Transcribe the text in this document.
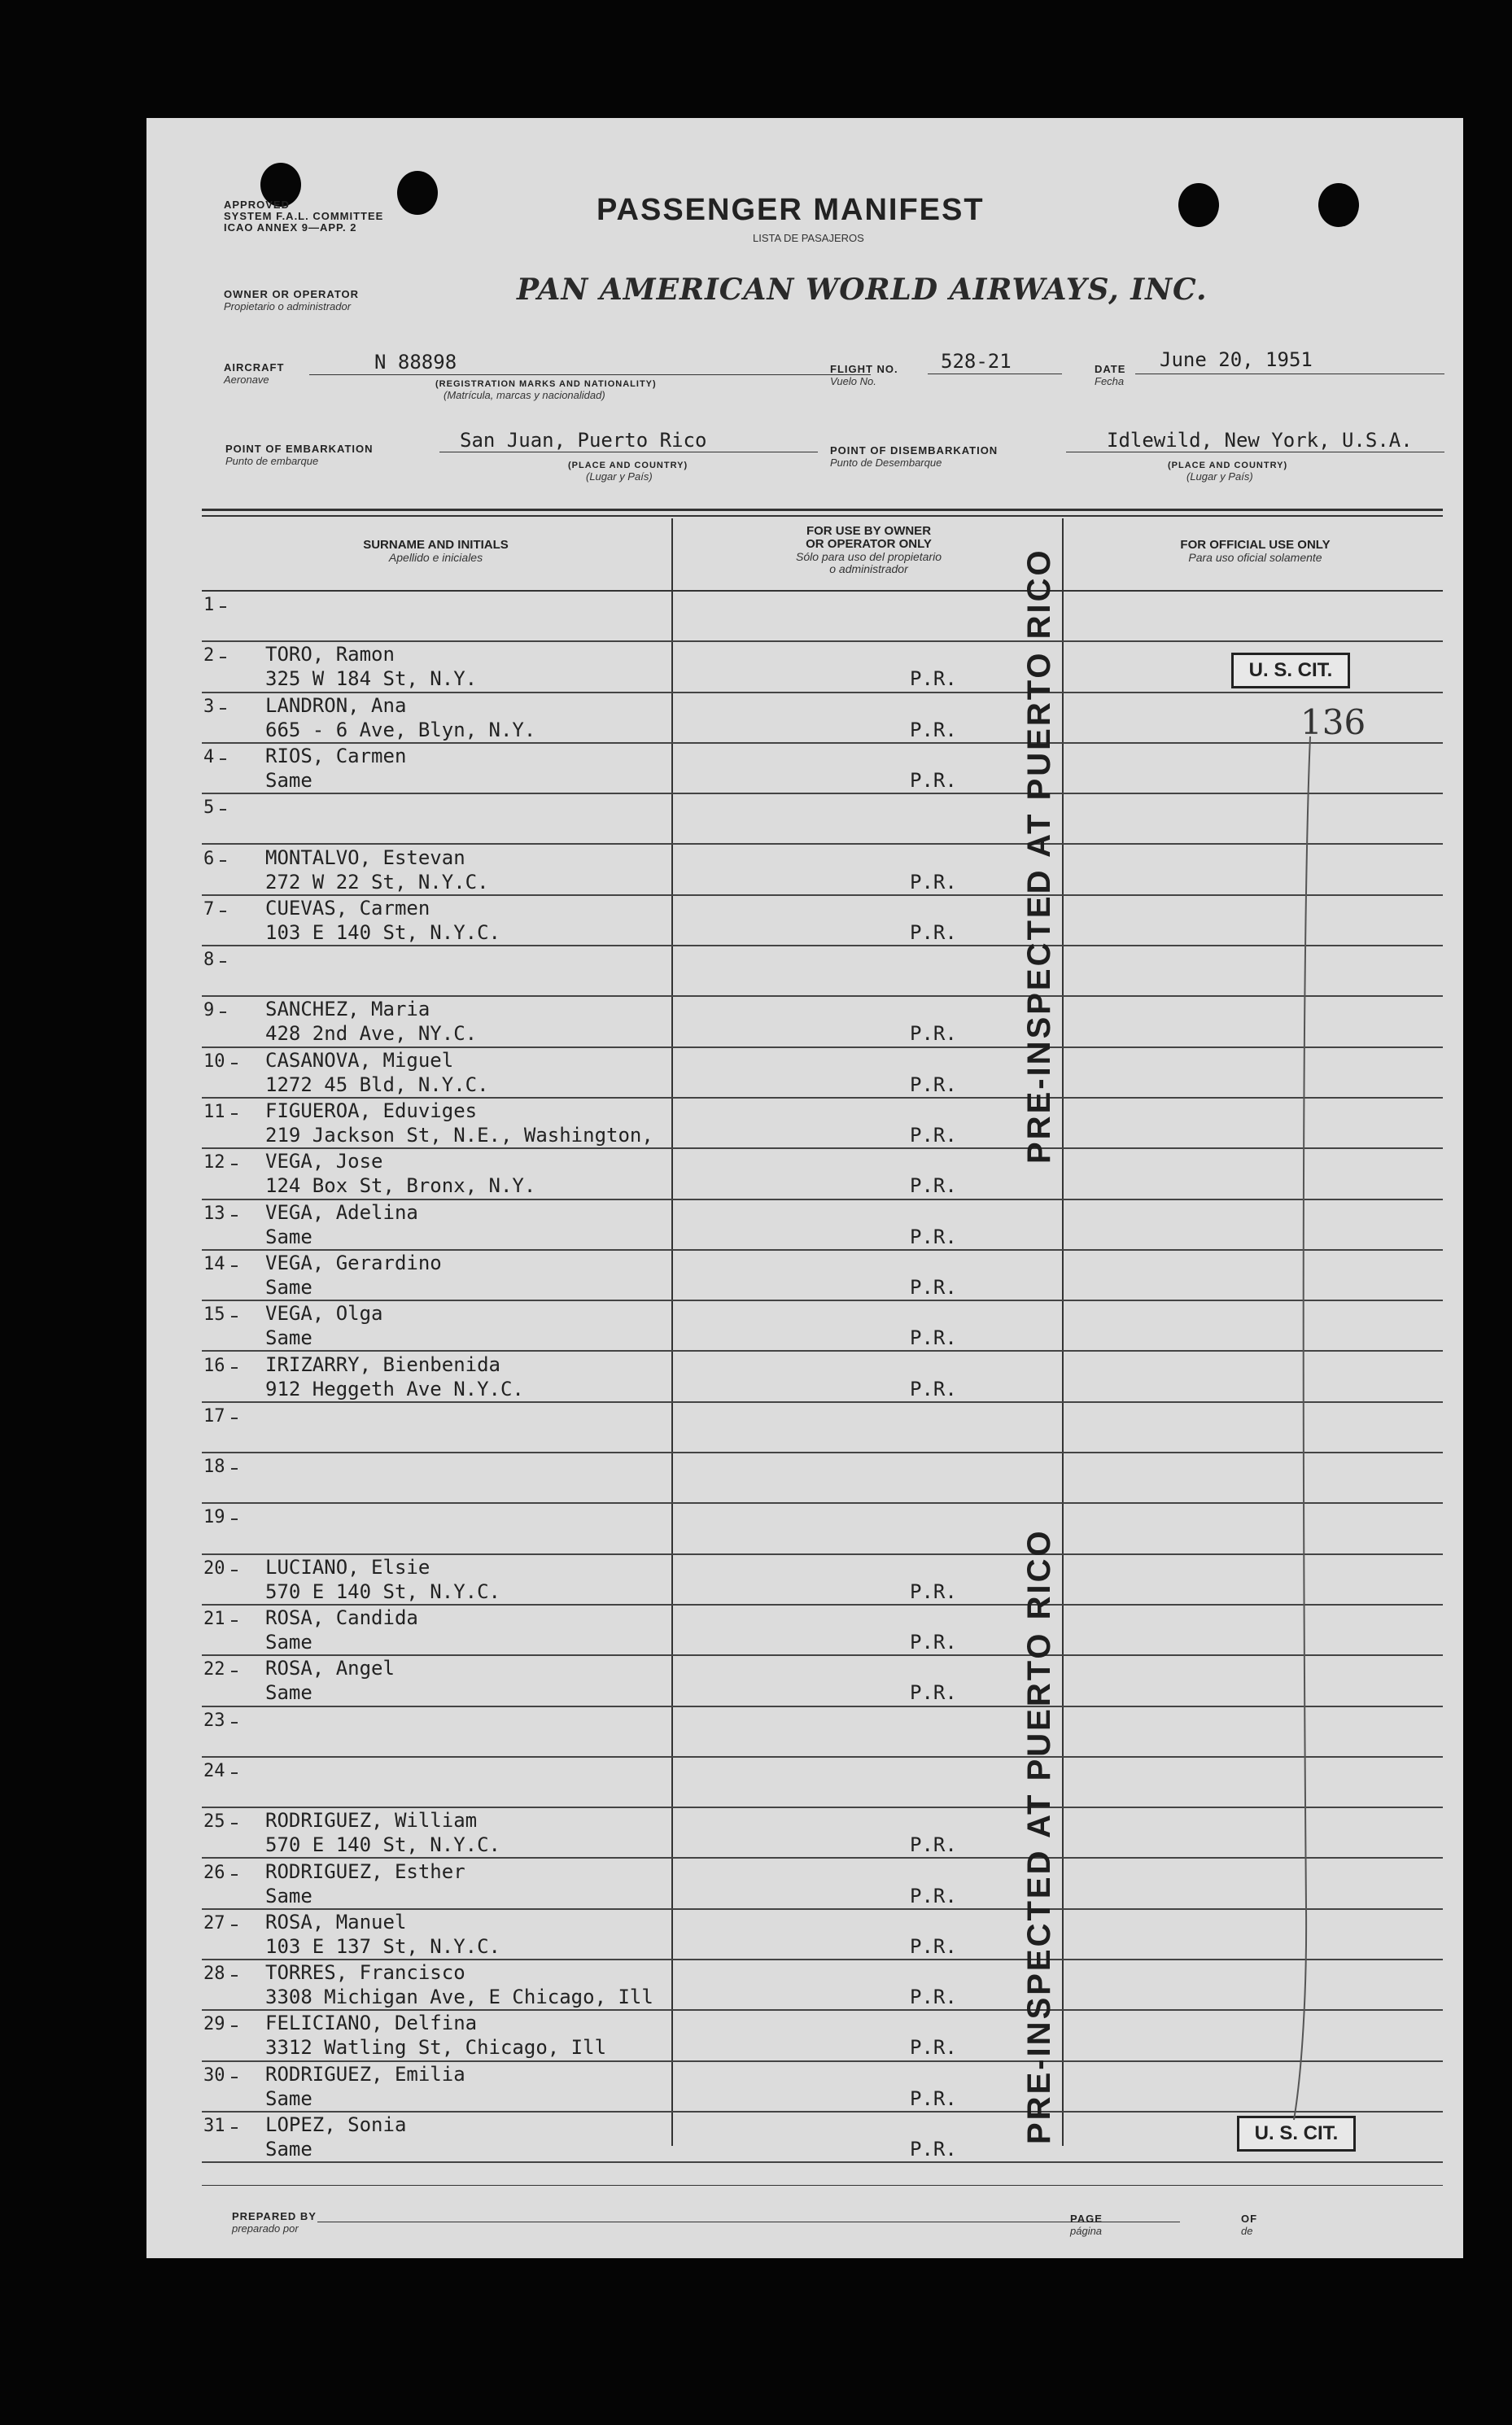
APPROVED
SYSTEM F.A.L. COMMITTEE
ICAO ANNEX 9—APP. 2
PASSENGER MANIFEST
LISTA DE PASAJEROS
OWNER OR OPERATOR
Propietario o administrador	PAN AMERICAN WORLD AIRWAYS, INC.
AIRCRAFT
Aeronave
N 88898
(REGISTRATION MARKS AND NATIONALITY)
(Matrícula, marcas y nacionalidad)
FLIGHT NO.
Vuelo No.
528-21	DATE
Fecha
June 20, 1951
POINT OF EMBARKATION
Punto de embarque
San Juan, Puerto Rico
(PLACE AND COUNTRY)
(Lugar y País)
POINT OF DISEMBARKATION
Punto de Desembarque
Idlewild, New York, U.S.A.
(PLACE AND COUNTRY)
(Lugar y País)
SURNAME AND INITIALS
Apellido e iniciales
FOR USE BY OWNER
OR OPERATOR ONLY
Sólo para uso del propietario
o administrador
FOR OFFICIAL USE ONLY
Para uso oficial solamente
1
2	TORO, Ramon
325 W 184 St, N.Y.	P.R.
3	LANDRON, Ana
665 - 6 Ave, Blyn, N.Y.	P.R.
4	RIOS, Carmen
Same	P.R.
5
6	MONTALVO, Estevan
272 W 22 St, N.Y.C.	P.R.
7	CUEVAS, Carmen
103 E 140 St, N.Y.C.	P.R.
8
9	SANCHEZ, Maria
428 2nd Ave, NY.C.	P.R.
10 CASANOVA, Miguel
1272 45 Bld, N.Y.C.	P.R.
11 FIGUEROA, Eduviges
219 Jackson St, N.E., Washington,	P.R.
12 VEGA, Jose
124 Box St, Bronx, N.Y.	P.R.
13 VEGA, Adelina
Same	P.R.
14 VEGA, Gerardino
Same	P.R.
15 VEGA, Olga
Same	P.R.
16 IRIZARRY, Bienbenida
912 Heggeth Ave N.Y.C.	P.R.
17
18
19
20 LUCIANO, Elsie
570 E 140 St, N.Y.C.	P.R.
21 ROSA, Candida
Same	P.R.
22 ROSA, Angel
Same	P.R.
23
24
25 RODRIGUEZ, William
570 E 140 St, N.Y.C.	P.R.
26 RODRIGUEZ, Esther
Same	P.R.
27 ROSA, Manuel
103 E 137 St, N.Y.C.	P.R.
28 TORRES, Francisco
3308 Michigan Ave, E Chicago, Ill	P.R.
29 FELICIANO, Delfina
3312 Watling St, Chicago, Ill	P.R.
30 RODRIGUEZ, Emilia
Same	P.R.
31 LOPEZ, Sonia
Same	P.R.
PRE-INSPECTED AT PUERTO RICO
PRE-INSPECTED AT PUERTO RICO
U. S. CIT.
U. S. CIT.
136
PREPARED BY
preparado por
PAGE
página
OF
de
